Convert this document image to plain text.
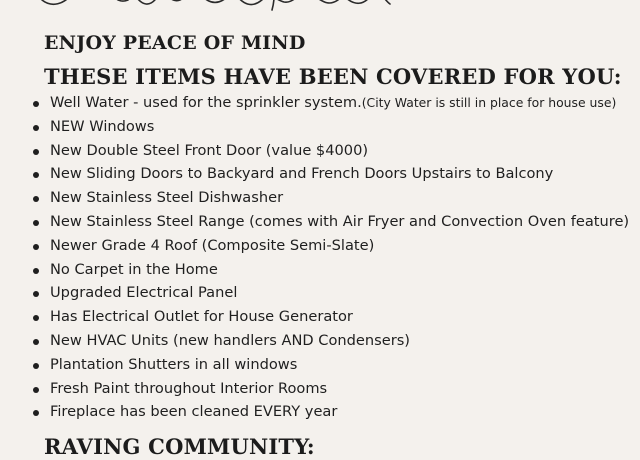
ENJOY PEACE OF MIND
THESE ITEMS HAVE BEEN COVERED FOR YOU:
Well Water - used for the sprinkler system.(City Water is still in place for house use)
NEW Windows
New Double Steel Front Door (value $4000)
New Sliding Doors to Backyard and French Doors Upstairs to Balcony
New Stainless Steel Dishwasher
New Stainless Steel Range (comes with Air Fryer and Convection Oven feature)
Newer Grade 4 Roof (Composite Semi-Slate)
No Carpet in the Home
Upgraded Electrical Panel
Has Electrical Outlet for House Generator
New HVAC Units (new handlers AND Condensers)
Plantation Shutters in all windows
Fresh Paint throughout Interior Rooms
Fireplace has been cleaned EVERY year
RAVING COMMUNITY:
